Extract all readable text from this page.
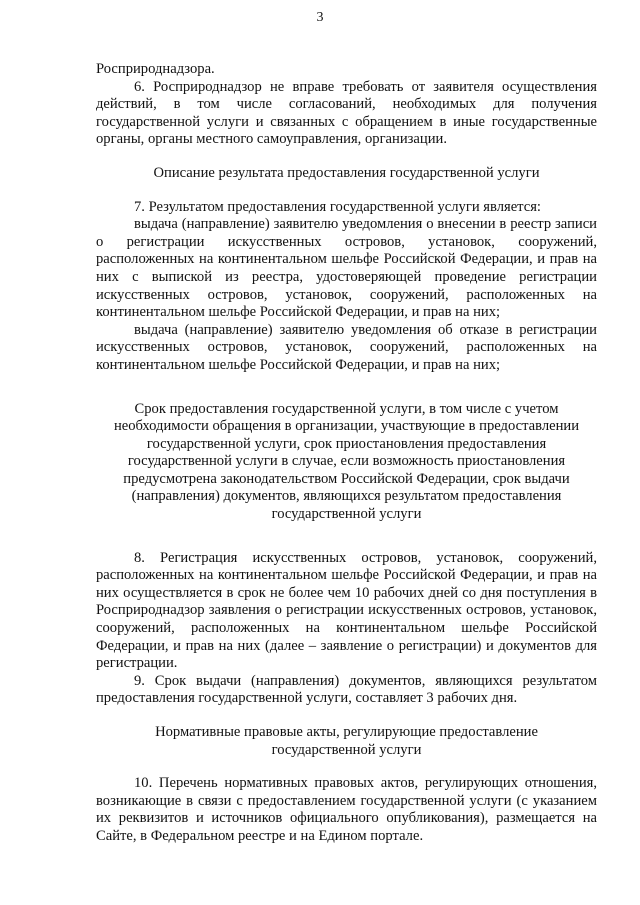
3

Росприроднадзора.

6. Росприроднадзор не вправе требовать от заявителя осуществления действий, в том числе согласований, необходимых для получения государственной услуги и связанных с обращением в иные государственные органы, органы местного самоуправления, организации.

Описание результата предоставления государственной услуги

7. Результатом предоставления государственной услуги является:

выдача (направление) заявителю уведомления о внесении в реестр записи о регистрации искусственных островов, установок, сооружений, расположенных на континентальном шельфе Российской Федерации, и прав на них с выпиской из реестра, удостоверяющей проведение регистрации искусственных островов, установок, сооружений, расположенных на континентальном шельфе Российской Федерации, и прав на них;

выдача (направление) заявителю уведомления об отказе в регистрации искусственных островов, установок, сооружений, расположенных на континентальном шельфе Российской Федерации, и прав на них;

Срок предоставления государственной услуги, в том числе с учетом
необходимости обращения в организации, участвующие в предоставлении
государственной услуги, срок приостановления предоставления
государственной услуги в случае, если возможность приостановления
предусмотрена законодательством Российской Федерации, срок выдачи
(направления) документов, являющихся результатом предоставления
государственной услуги

8. Регистрация искусственных островов, установок, сооружений, расположенных на континентальном шельфе Российской Федерации, и прав на них осуществляется в срок не более чем 10 рабочих дней со дня поступления в Росприроднадзор заявления о регистрации искусственных островов, установок, сооружений, расположенных на континентальном шельфе Российской Федерации, и прав на них (далее – заявление о регистрации) и документов для регистрации.

9. Срок выдачи (направления) документов, являющихся результатом предоставления государственной услуги, составляет 3 рабочих дня.

Нормативные правовые акты, регулирующие предоставление
государственной услуги

10. Перечень нормативных правовых актов, регулирующих отношения, возникающие в связи с предоставлением государственной услуги (с указанием их реквизитов и источников официального опубликования), размещается на Сайте, в Федеральном реестре и на Едином портале.
